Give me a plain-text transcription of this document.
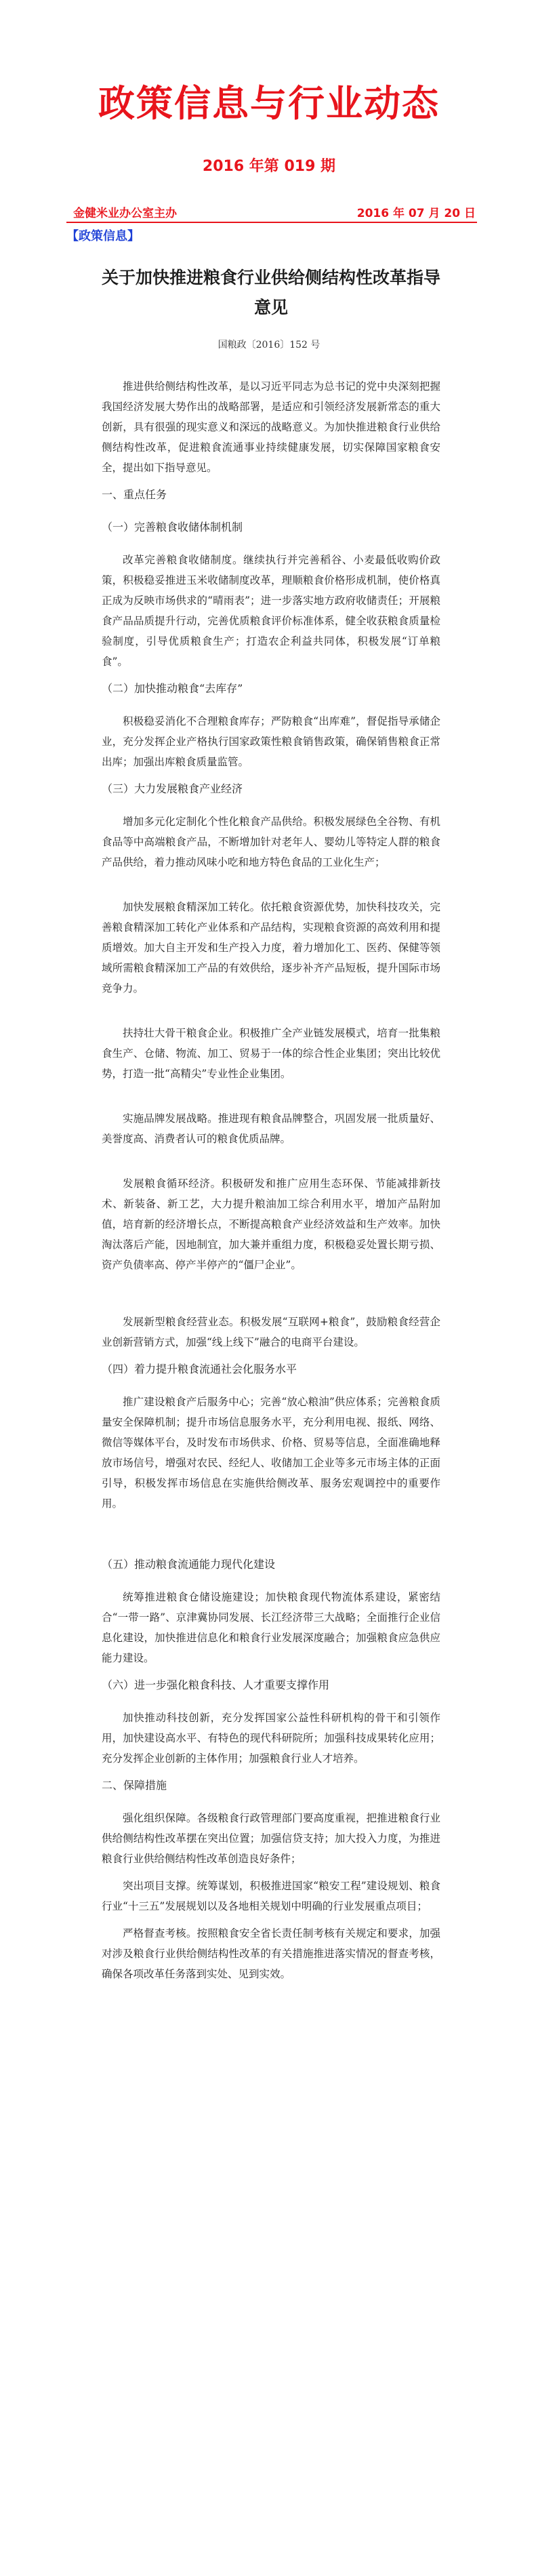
政策信息与行业动态
2016 年第 019 期
金健米业办公室主办	2016 年 07 月 20 日
【政策信息】
关于加快推进粮食行业供给侧结构性改革指导意见
国粮政〔2016〕152 号

推进供给侧结构性改革，是以习近平同志为总书记的党中央深刻把握我国经济发展大势作出的战略部署，是适应和引领经济发展新常态的重大创新，具有很强的现实意义和深远的战略意义。为加快推进粮食行业供给侧结构性改革，促进粮食流通事业持续健康发展，切实保障国家粮食安全，提出如下指导意见。

一、重点任务

（一）完善粮食收储体制机制

改革完善粮食收储制度。继续执行并完善稻谷、小麦最低收购价政策，积极稳妥推进玉米收储制度改革，理顺粮食价格形成机制，使价格真正成为反映市场供求的“晴雨表”；进一步落实地方政府收储责任；开展粮食产品品质提升行动，完善优质粮食评价标准体系，健全收获粮食质量检验制度，引导优质粮食生产；打造农企利益共同体，积极发展“订单粮食”。

（二）加快推动粮食“去库存”

积极稳妥消化不合理粮食库存；严防粮食“出库难”，督促指导承储企业，充分发挥企业产格执行国家政策性粮食销售政策，确保销售粮食正常出库；加强出库粮食质量监管。

（三）大力发展粮食产业经济

增加多元化定制化个性化粮食产品供给。积极发展绿色全谷物、有机食品等中高端粮食产品，不断增加针对老年人、婴幼儿等特定人群的粮食产品供给，着力推动风味小吃和地方特色食品的工业化生产；

加快发展粮食精深加工转化。依托粮食资源优势，加快科技攻关，完善粮食精深加工转化产业体系和产品结构，实现粮食资源的高效利用和提质增效。加大自主开发和生产投入力度，着力增加化工、医药、保健等领域所需粮食精深加工产品的有效供给，逐步补齐产品短板，提升国际市场竞争力。

扶持壮大骨干粮食企业。积极推广全产业链发展模式，培育一批集粮食生产、仓储、物流、加工、贸易于一体的综合性企业集团；突出比较优势，打造一批“高精尖”专业性企业集团。

实施品牌发展战略。推进现有粮食品牌整合，巩固发展一批质量好、美誉度高、消费者认可的粮食优质品牌。

发展粮食循环经济。积极研发和推广应用生态环保、节能减排新技术、新装备、新工艺，大力提升粮油加工综合利用水平，增加产品附加值，培育新的经济增长点，不断提高粮食产业经济效益和生产效率。加快淘汰落后产能，因地制宜，加大兼并重组力度，积极稳妥处置长期亏损、资产负债率高、停产半停产的“僵尸企业”。

发展新型粮食经营业态。积极发展“互联网+粮食”，鼓励粮食经营企业创新营销方式，加强“线上线下”融合的电商平台建设。

（四）着力提升粮食流通社会化服务水平

推广建设粮食产后服务中心；完善“放心粮油”供应体系；完善粮食质量安全保障机制；提升市场信息服务水平，充分利用电视、报纸、网络、微信等媒体平台，及时发布市场供求、价格、贸易等信息，全面准确地释放市场信号，增强对农民、经纪人、收储加工企业等多元市场主体的正面引导，积极发挥市场信息在实施供给侧改革、服务宏观调控中的重要作用。

（五）推动粮食流通能力现代化建设

统筹推进粮食仓储设施建设；加快粮食现代物流体系建设，紧密结合“一带一路”、京津冀协同发展、长江经济带三大战略；全面推行企业信息化建设，加快推进信息化和粮食行业发展深度融合；加强粮食应急供应能力建设。

（六）进一步强化粮食科技、人才重要支撑作用

加快推动科技创新，充分发挥国家公益性科研机构的骨干和引领作用，加快建设高水平、有特色的现代科研院所；加强科技成果转化应用；充分发挥企业创新的主体作用；加强粮食行业人才培养。

二、保障措施

强化组织保障。各级粮食行政管理部门要高度重视，把推进粮食行业供给侧结构性改革摆在突出位置；加强信贷支持；加大投入力度，为推进粮食行业供给侧结构性改革创造良好条件；

突出项目支撑。统筹谋划，积极推进国家“粮安工程”建设规划、粮食行业“十三五”发展规划以及各地相关规划中明确的行业发展重点项目；

严格督查考核。按照粮食安全省长责任制考核有关规定和要求，加强对涉及粮食行业供给侧结构性改革的有关措施推进落实情况的督查考核，确保各项改革任务落到实处、见到实效。
